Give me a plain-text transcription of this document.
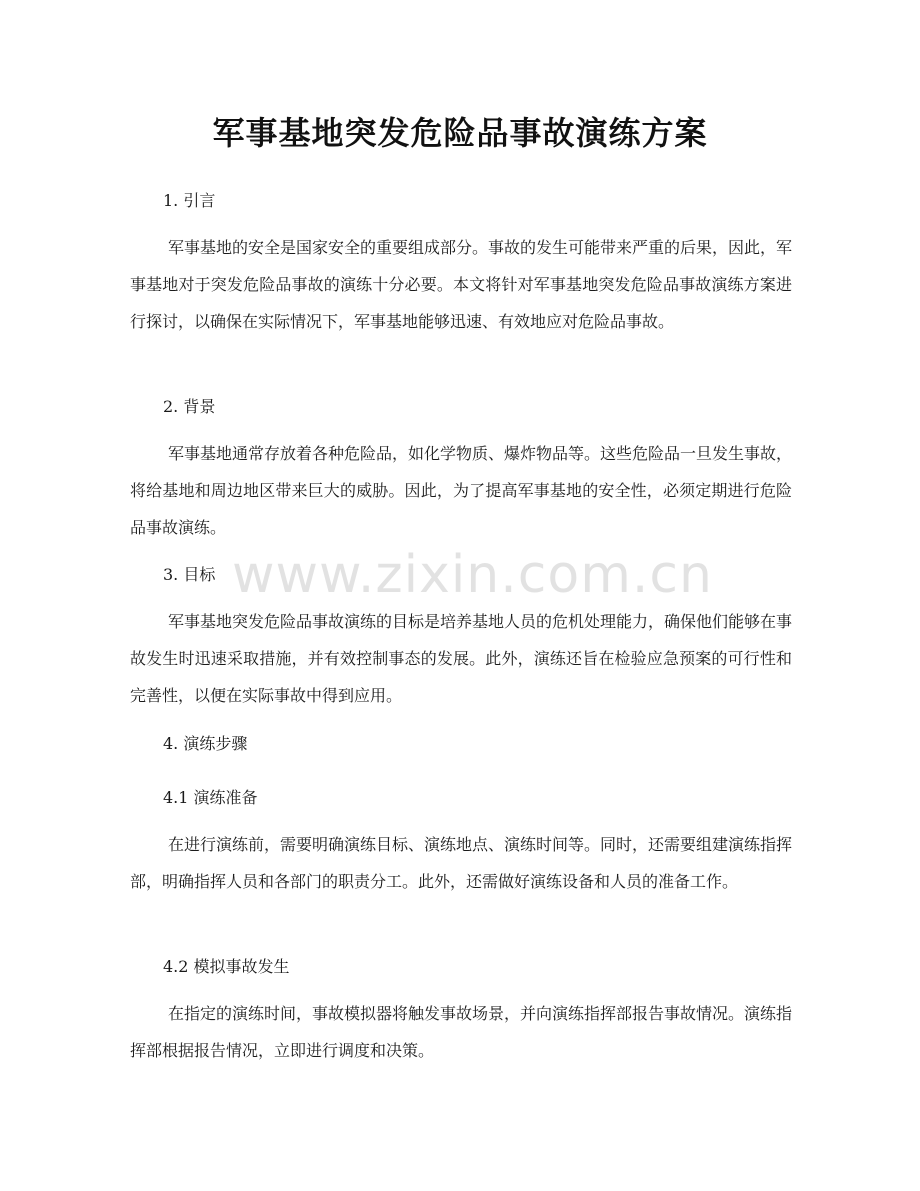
军事基地突发危险品事故演练方案

1. 引言

军事基地的安全是国家安全的重要组成部分。事故的发生可能带来严重的后果，因此，军事基地对于突发危险品事故的演练十分必要。本文将针对军事基地突发危险品事故演练方案进行探讨，以确保在实际情况下，军事基地能够迅速、有效地应对危险品事故。

2. 背景

军事基地通常存放着各种危险品，如化学物质、爆炸物品等。这些危险品一旦发生事故，将给基地和周边地区带来巨大的威胁。因此，为了提高军事基地的安全性，必须定期进行危险品事故演练。

3. 目标

军事基地突发危险品事故演练的目标是培养基地人员的危机处理能力，确保他们能够在事故发生时迅速采取措施，并有效控制事态的发展。此外，演练还旨在检验应急预案的可行性和完善性，以便在实际事故中得到应用。

4. 演练步骤

4.1 演练准备

在进行演练前，需要明确演练目标、演练地点、演练时间等。同时，还需要组建演练指挥部，明确指挥人员和各部门的职责分工。此外，还需做好演练设备和人员的准备工作。

4.2 模拟事故发生

在指定的演练时间，事故模拟器将触发事故场景，并向演练指挥部报告事故情况。演练指挥部根据报告情况，立即进行调度和决策。

www.zixin.com.cn
